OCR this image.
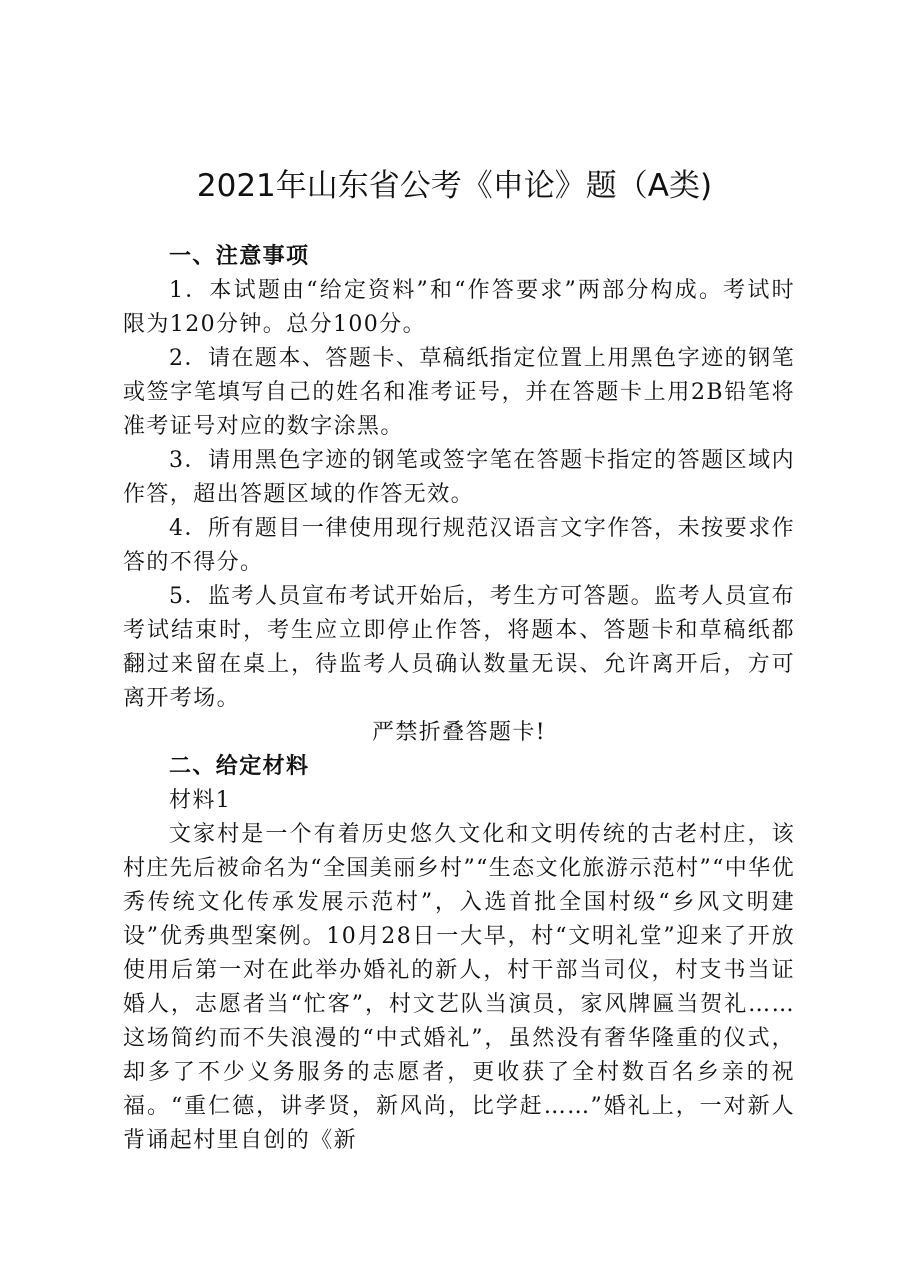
2021年山东省公考《申论》题（A类)

一、注意事项

1．本试题由“给定资料”和“作答要求”两部分构成。考试时限为120分钟。总分100分。

2．请在题本、答题卡、草稿纸指定位置上用黑色字迹的钢笔或签字笔填写自己的姓名和准考证号，并在答题卡上用2B铅笔将准考证号对应的数字涂黑。

3．请用黑色字迹的钢笔或签字笔在答题卡指定的答题区域内作答，超出答题区域的作答无效。

4．所有题目一律使用现行规范汉语言文字作答，未按要求作答的不得分。

5．监考人员宣布考试开始后，考生方可答题。监考人员宣布考试结束时，考生应立即停止作答，将题本、答题卡和草稿纸都翻过来留在桌上，待监考人员确认数量无误、允许离开后，方可离开考场。

严禁折叠答题卡!

二、给定材料

材料1

文家村是一个有着历史悠久文化和文明传统的古老村庄，该村庄先后被命名为“全国美丽乡村”“生态文化旅游示范村”“中华优秀传统文化传承发展示范村”，入选首批全国村级“乡风文明建设”优秀典型案例。10月28日一大早，村“文明礼堂”迎来了开放使用后第一对在此举办婚礼的新人，村干部当司仪，村支书当证婚人，志愿者当“忙客”，村文艺队当演员，家风牌匾当贺礼……这场简约而不失浪漫的“中式婚礼”，虽然没有奢华隆重的仪式，却多了不少义务服务的志愿者，更收获了全村数百名乡亲的祝福。“重仁德，讲孝贤，新风尚，比学赶……”婚礼上，一对新人背诵起村里自创的《新
